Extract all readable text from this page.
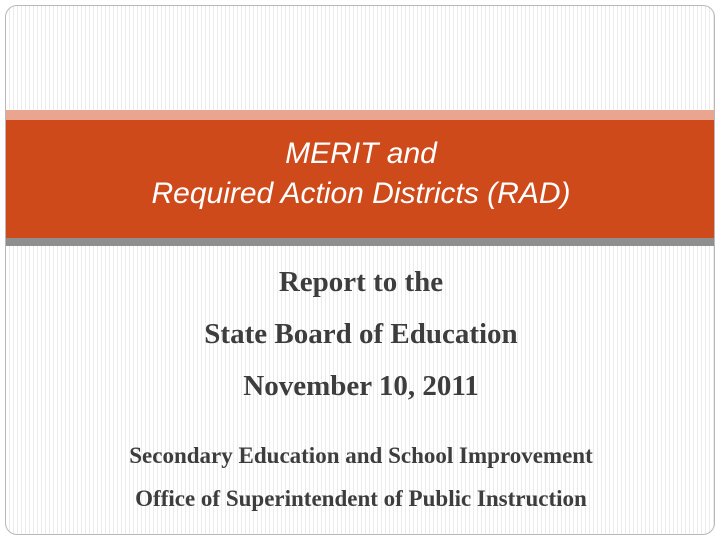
MERIT and
Required Action Districts (RAD)
Report to the
State Board of Education
November 10, 2011
Secondary Education and School Improvement
Office of Superintendent of Public Instruction
